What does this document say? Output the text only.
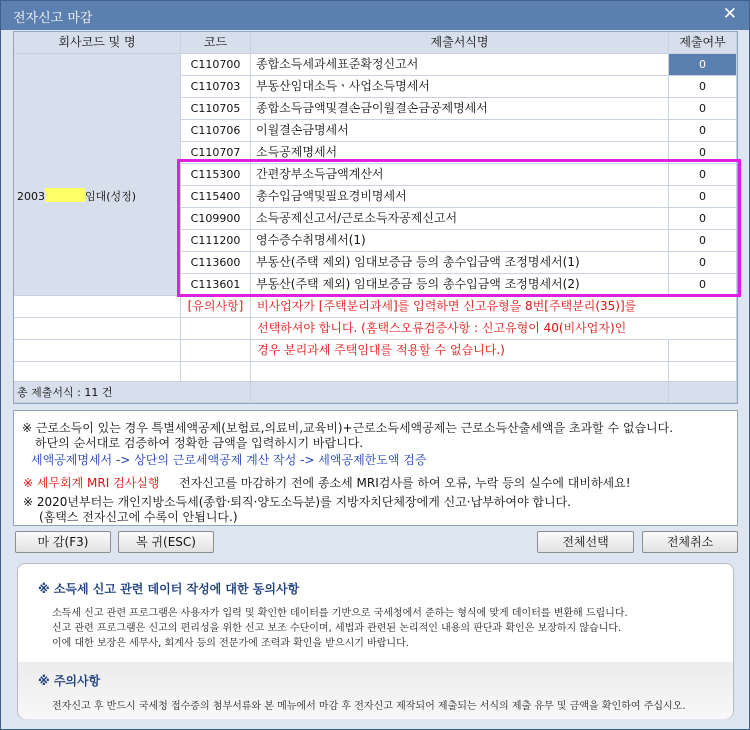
전자신고 마감	✕
회사코드 및 명	코드	제출서식명	제출여부
2003	임대(성정)
C110700	종합소득세과세표준확정신고서	0
C110703	부동산임대소득ㆍ사업소득명세서	0
C110705	종합소득금액및결손금이월결손금공제명세서	0
C110706	이월결손금명세서	0
C110707	소득공제명세서	0
C115300	간편장부소득금액계산서	0
C115400	총수입금액및필요경비명세서	0
C109900	소득공제신고서/근로소득자공제신고서	0
C111200	영수증수취명세서(1)	0
C113600	부동산(주택 제외) 임대보증금 등의 총수입금액 조정명세서(1)	0
C113601	부동산(주택 제외) 임대보증금 등의 총수입금액 조정명세서(2)	0
[유의사항]	비사업자가 [주택분리과세]를 입력하면 신고유형을 8번[주택분리(35)]를
선택하셔야 합니다. (홈택스오류검증사항 : 신고유형이 40(비사업자)인
경우 분리과세 주택임대를 적용할 수 없습니다.)
총 제출서식 : 11 건
※ 근로소득이 있는 경우 특별세액공제(보험료,의료비,교육비)+근로소득세액공제는 근로소득산출세액을 초과할 수 없습니다.
하단의 순서대로 검증하여 정확한 금액을 입력하시기 바랍니다.
세액공제명세서 -> 상단의 근로세액공제 계산 작성 -> 세액공제한도액 검증
※ 세무회계 MRI 검사실행 전자신고를 마감하기 전에 종소세 MRI검사를 하여 오류, 누락 등의 실수에 대비하세요!
※ 2020년부터는 개인지방소득세(종합·퇴직·양도소득분)를 지방자치단체장에게 신고·납부하여야 합니다.
(홈택스 전자신고에 수록이 안됩니다.)
마 감(F3)	복 귀(ESC)	전체선택	전체취소
※ 소득세 신고 관련 데이터 작성에 대한 동의사항
소득세 신고 관련 프로그램은 사용자가 입력 및 확인한 데이터를 기반으로 국세청에서 준하는 형식에 맞게 데이터를 변환해 드립니다.
신고 관련 프로그램은 신고의 편리성을 위한 신고 보조 수단이며, 세법과 관련된 논리적인 내용의 판단과 확인은 보장하지 않습니다.
이에 대한 보장은 세무사, 회계사 등의 전문가에 조력과 확인을 받으시기 바랍니다.
※ 주의사항
전자신고 후 반드시 국세청 접수증의 첨부서류와 본 메뉴에서 마감 후 전자신고 제작되어 제출되는 서식의 제출 유무 및 금액을 확인하여 주십시오.
